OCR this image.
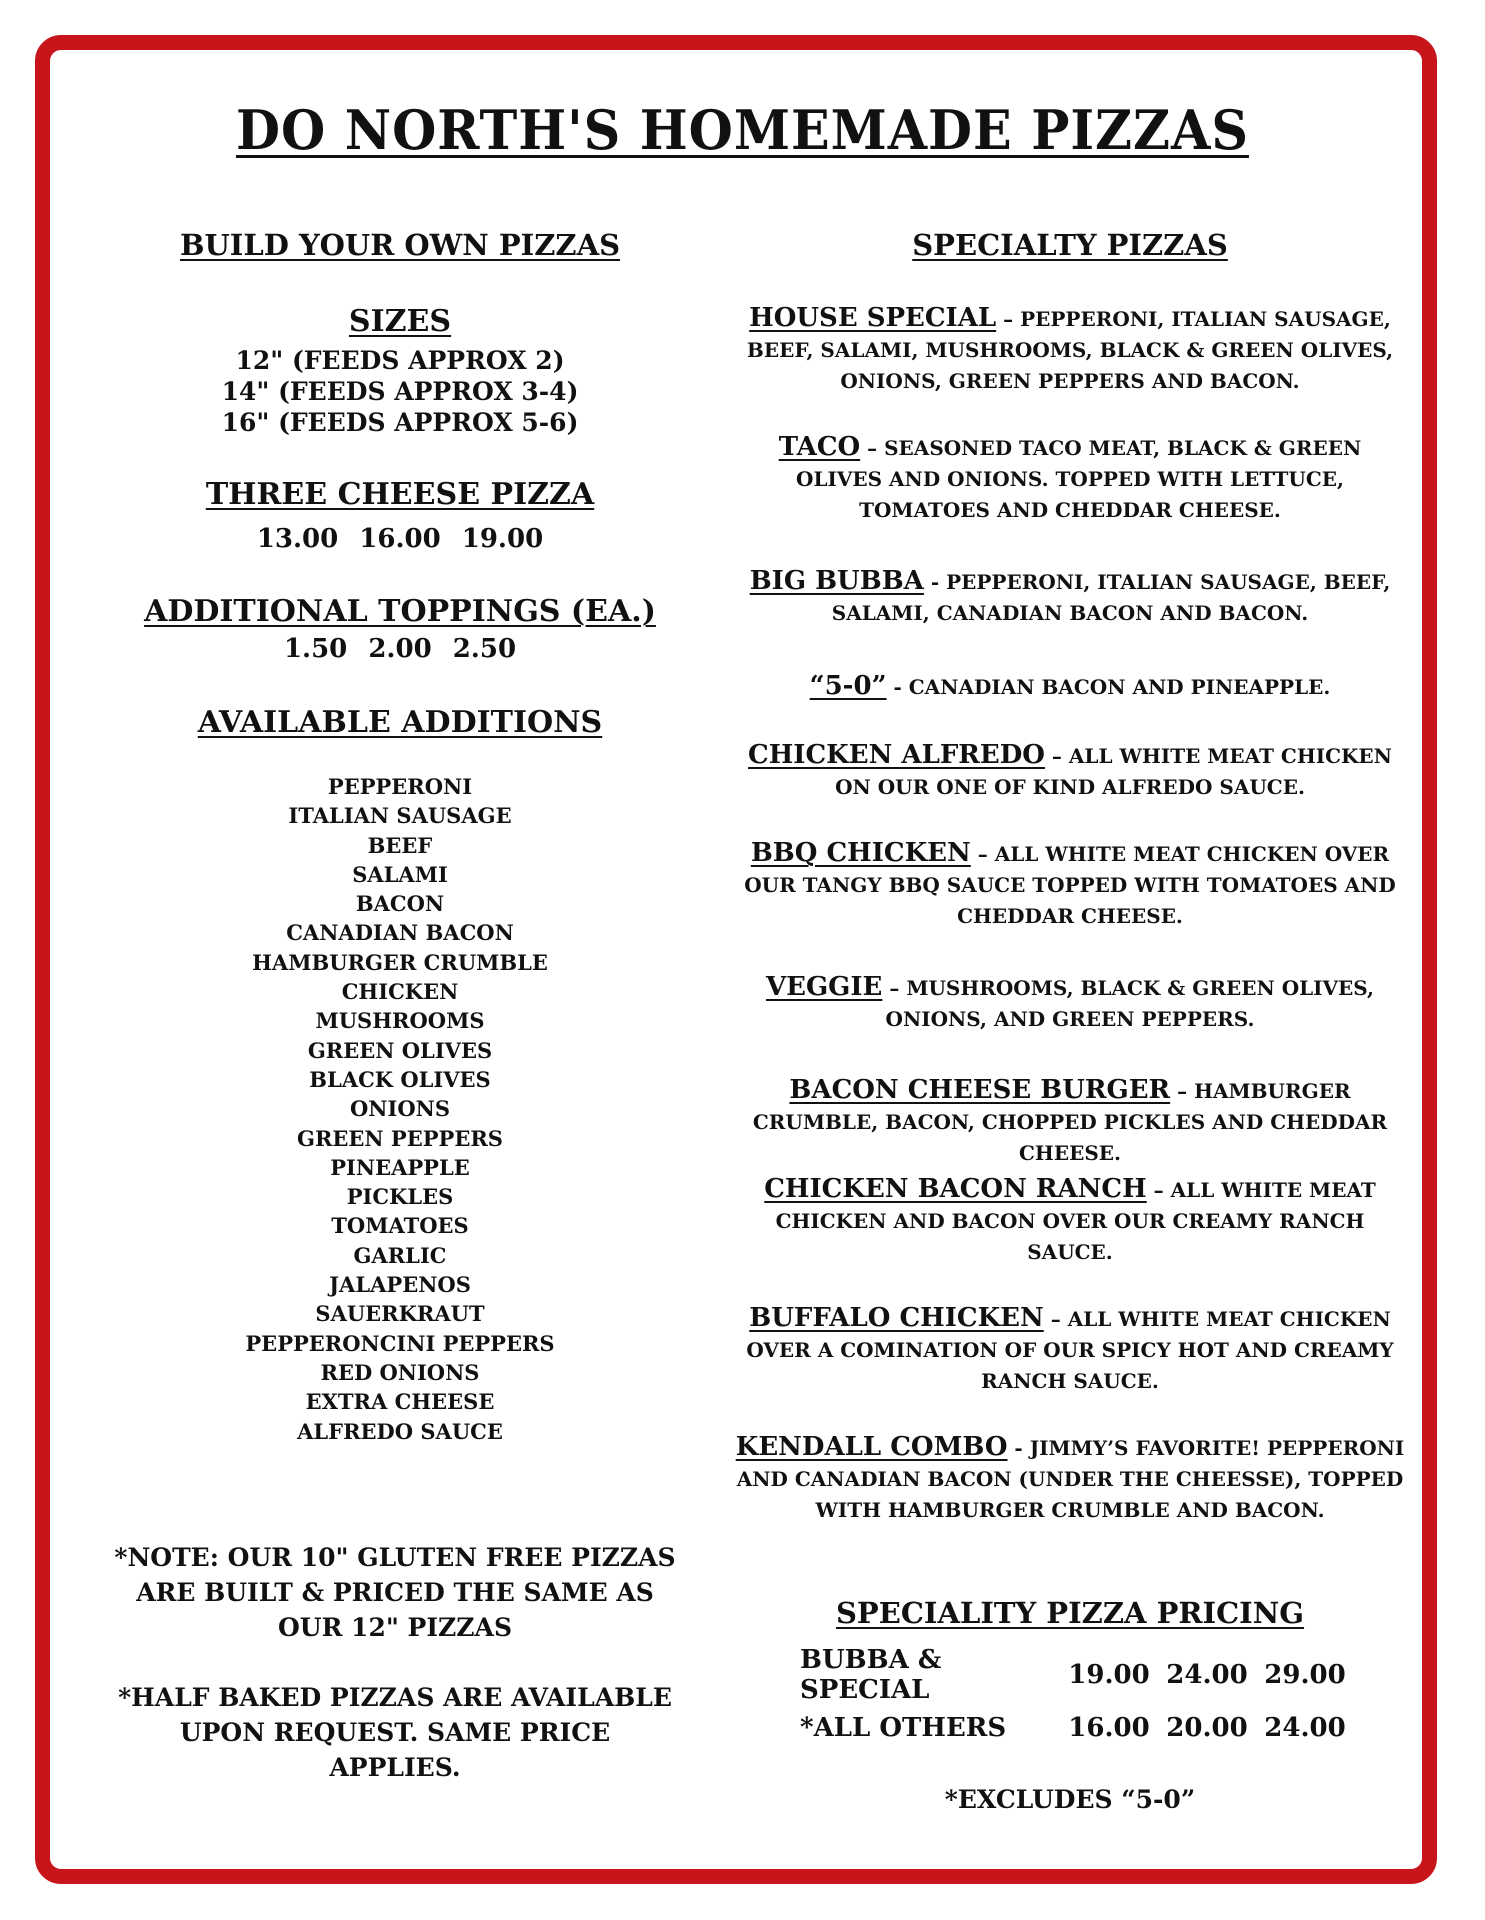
DO NORTH'S HOMEMADE PIZZAS
BUILD YOUR OWN PIZZAS
SIZES
12" (FEEDS APPROX 2)
14" (FEEDS APPROX 3-4)
16" (FEEDS APPROX 5-6)
THREE CHEESE PIZZA
13.00 16.00 19.00
ADDITIONAL TOPPINGS (EA.)
1.50 2.00 2.50
AVAILABLE ADDITIONS
PEPPERONI
ITALIAN SAUSAGE
BEEF
SALAMI
BACON
CANADIAN BACON
HAMBURGER CRUMBLE
CHICKEN
MUSHROOMS
GREEN OLIVES
BLACK OLIVES
ONIONS
GREEN PEPPERS
PINEAPPLE
PICKLES
TOMATOES
GARLIC
JALAPENOS
SAUERKRAUT
PEPPERONCINI PEPPERS
RED ONIONS
EXTRA CHEESE
ALFREDO SAUCE
*NOTE: OUR 10" GLUTEN FREE PIZZAS ARE BUILT & PRICED THE SAME AS OUR 12" PIZZAS
*HALF BAKED PIZZAS ARE AVAILABLE UPON REQUEST. SAME PRICE APPLIES.
SPECIALTY PIZZAS
HOUSE SPECIAL – PEPPERONI, ITALIAN SAUSAGE, BEEF, SALAMI, MUSHROOMS, BLACK & GREEN OLIVES, ONIONS, GREEN PEPPERS AND BACON.
TACO – SEASONED TACO MEAT, BLACK & GREEN OLIVES AND ONIONS. TOPPED WITH LETTUCE, TOMATOES AND CHEDDAR CHEESE.
BIG BUBBA - PEPPERONI, ITALIAN SAUSAGE, BEEF, SALAMI, CANADIAN BACON AND BACON.
“5-0” - CANADIAN BACON AND PINEAPPLE.
CHICKEN ALFREDO – ALL WHITE MEAT CHICKEN ON OUR ONE OF KIND ALFREDO SAUCE.
BBQ CHICKEN – ALL WHITE MEAT CHICKEN OVER OUR TANGY BBQ SAUCE TOPPED WITH TOMATOES AND CHEDDAR CHEESE.
VEGGIE – MUSHROOMS, BLACK & GREEN OLIVES, ONIONS, AND GREEN PEPPERS.
BACON CHEESE BURGER – HAMBURGER CRUMBLE, BACON, CHOPPED PICKLES AND CHEDDAR CHEESE.
CHICKEN BACON RANCH – ALL WHITE MEAT CHICKEN AND BACON OVER OUR CREAMY RANCH SAUCE.
BUFFALO CHICKEN – ALL WHITE MEAT CHICKEN OVER A COMINATION OF OUR SPICY HOT AND CREAMY RANCH SAUCE.
KENDALL COMBO - JIMMY’S FAVORITE! PEPPERONI AND CANADIAN BACON (UNDER THE CHEESSE), TOPPED WITH HAMBURGER CRUMBLE AND BACON.
SPECIALITY PIZZA PRICING
BUBBA & SPECIAL	19.00 24.00 29.00
*ALL OTHERS	16.00 20.00 24.00
*EXCLUDES “5-0”
